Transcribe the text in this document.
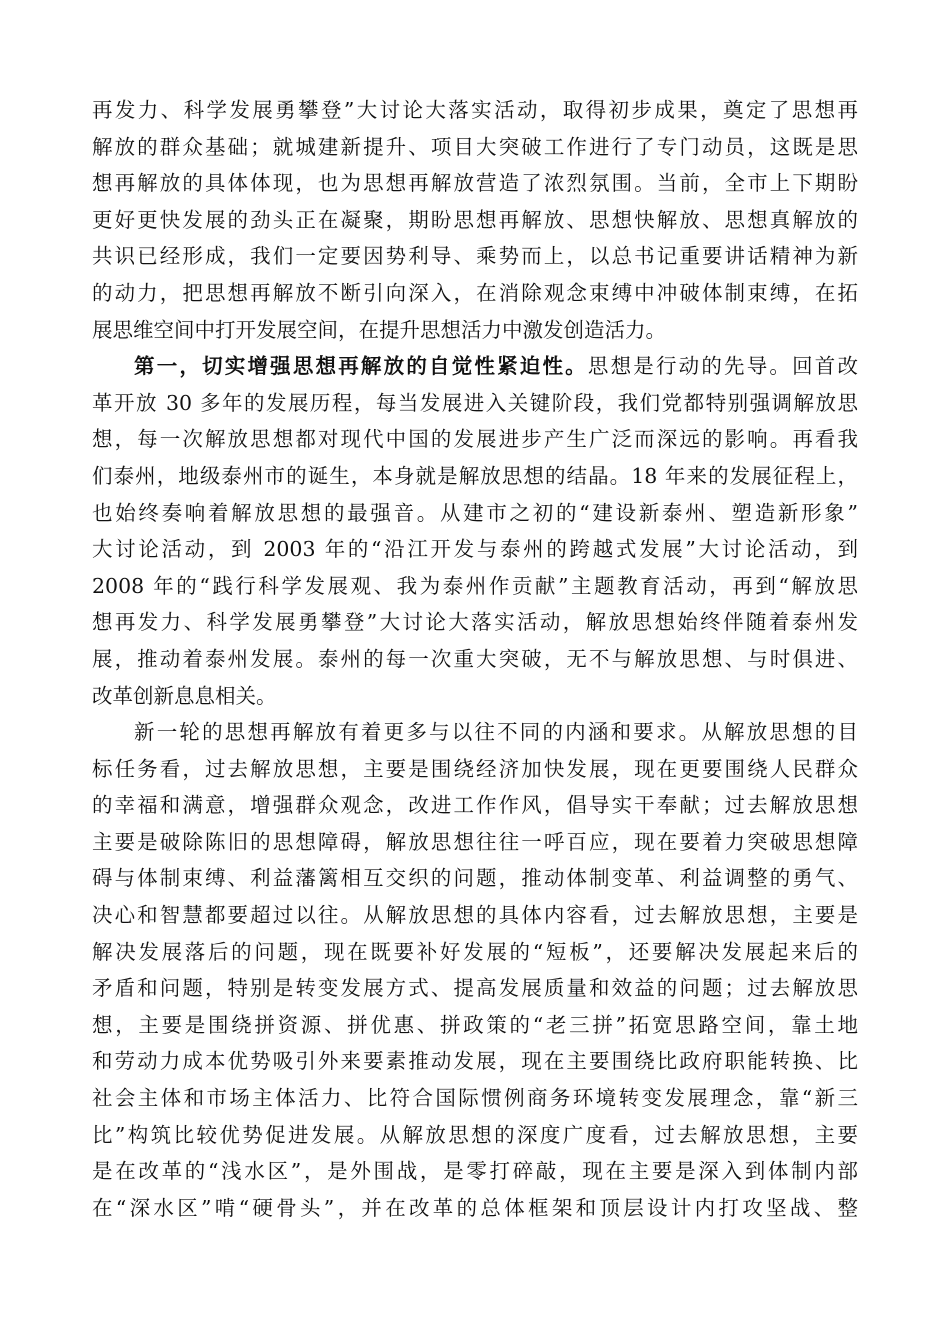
再发力、科学发展勇攀登”大讨论大落实活动，取得初步成果，奠定了思想再
解放的群众基础；就城建新提升、项目大突破工作进行了专门动员，这既是思
想再解放的具体体现，也为思想再解放营造了浓烈氛围。当前，全市上下期盼
更好更快发展的劲头正在凝聚，期盼思想再解放、思想快解放、思想真解放的
共识已经形成，我们一定要因势利导、乘势而上，以总书记重要讲话精神为新
的动力，把思想再解放不断引向深入，在消除观念束缚中冲破体制束缚，在拓
展思维空间中打开发展空间，在提升思想活力中激发创造活力。
第一，切实增强思想再解放的自觉性紧迫性。思想是行动的先导。回首改
革开放 30 多年的发展历程，每当发展进入关键阶段，我们党都特别强调解放思
想，每一次解放思想都对现代中国的发展进步产生广泛而深远的影响。再看我
们泰州，地级泰州市的诞生，本身就是解放思想的结晶。18 年来的发展征程上，
也始终奏响着解放思想的最强音。从建市之初的“建设新泰州、塑造新形象”
大讨论活动，到 2003 年的“沿江开发与泰州的跨越式发展”大讨论活动，到
2008 年的“践行科学发展观、我为泰州作贡献”主题教育活动，再到“解放思
想再发力、科学发展勇攀登”大讨论大落实活动，解放思想始终伴随着泰州发
展，推动着泰州发展。泰州的每一次重大突破，无不与解放思想、与时俱进、
改革创新息息相关。
新一轮的思想再解放有着更多与以往不同的内涵和要求。从解放思想的目
标任务看，过去解放思想，主要是围绕经济加快发展，现在更要围绕人民群众
的幸福和满意，增强群众观念，改进工作作风，倡导实干奉献；过去解放思想
主要是破除陈旧的思想障碍，解放思想往往一呼百应，现在要着力突破思想障
碍与体制束缚、利益藩篱相互交织的问题，推动体制变革、利益调整的勇气、
决心和智慧都要超过以往。从解放思想的具体内容看，过去解放思想，主要是
解决发展落后的问题，现在既要补好发展的“短板”，还要解决发展起来后的
矛盾和问题，特别是转变发展方式、提高发展质量和效益的问题；过去解放思
想，主要是围绕拼资源、拼优惠、拼政策的“老三拼”拓宽思路空间，靠土地
和劳动力成本优势吸引外来要素推动发展，现在主要围绕比政府职能转换、比
社会主体和市场主体活力、比符合国际惯例商务环境转变发展理念，靠“新三
比”构筑比较优势促进发展。从解放思想的深度广度看，过去解放思想，主要
是在改革的“浅水区”，是外围战，是零打碎敲，现在主要是深入到体制内部
在“深水区”啃“硬骨头”，并在改革的总体框架和顶层设计内打攻坚战、整
